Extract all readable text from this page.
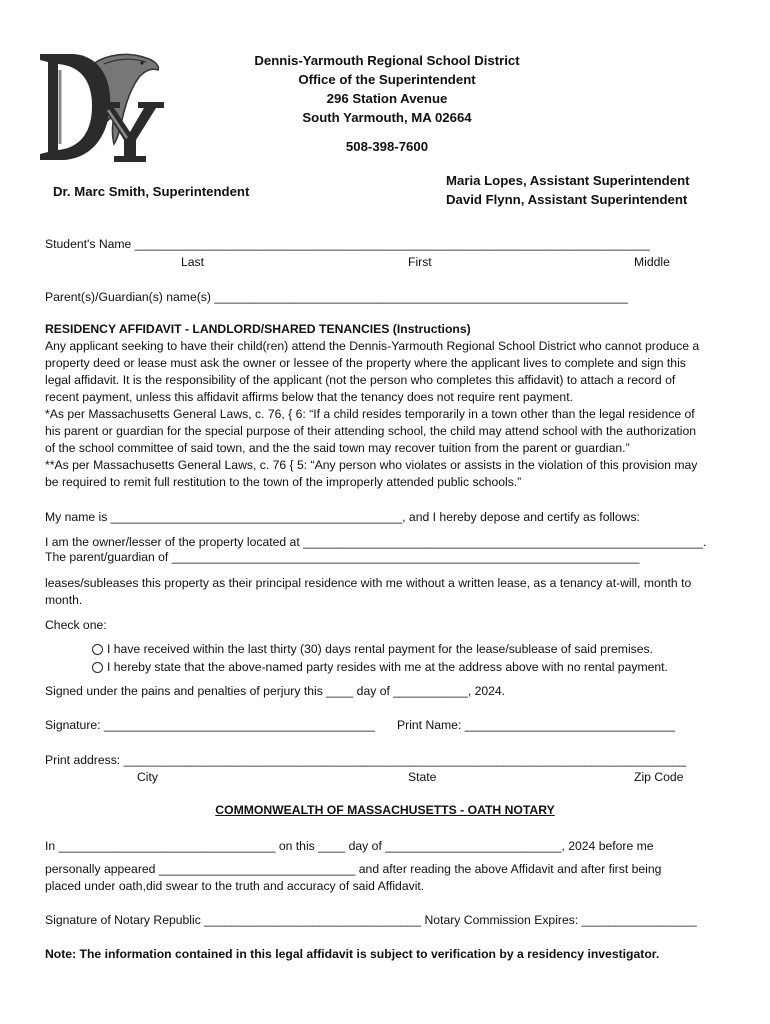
Dennis-Yarmouth Regional School District
Office of the Superintendent
296 Station Avenue
South Yarmouth, MA 02664
508-398-7600
Dr. Marc Smith, Superintendent
Maria Lopes, Assistant Superintendent
David Flynn, Assistant Superintendent
Student's Name ____________________________________________________________________________
Last	First	Middle
Parent(s)/Guardian(s) name(s) _____________________________________________________________
RESIDENCY AFFIDAVIT - LANDLORD/SHARED TENANCIES (Instructions)
Any applicant seeking to have their child(ren) attend the Dennis-Yarmouth Regional School District who cannot produce a
property deed or lease must ask the owner or lessee of the property where the applicant lives to complete and sign this
legal affidavit. It is the responsibility of the applicant (not the person who completes this affidavit) to attach a record of
recent payment, unless this affidavit affirms below that the tenancy does not require rent payment.
*As per Massachusetts General Laws, c. 76, { 6: “If a child resides temporarily in a town other than the legal residence of
his parent or guardian for the special purpose of their attending school, the child may attend school with the authorization
of the school committee of said town, and the the said town may recover tuition from the parent or guardian.”
**As per Massachusetts General Laws, c. 76 { 5: “Any person who violates or assists in the violation of this provision may
be required to remit full restitution to the town of the improperly attended public schools.”
My name is ___________________________________________, and I hereby depose and certify as follows:
I am the owner/lesser of the property located at ___________________________________________________________.
The parent/guardian of _____________________________________________________________________
leases/subleases this property as their principal residence with me without a written lease, as a tenancy at-will, month to
month.
Check one:
I have received within the last thirty (30) days rental payment for the lease/sublease of said premises.
I hereby state that the above-named party resides with me at the address above with no rental payment.
Signed under the pains and penalties of perjury this ____ day of ___________, 2024.
Signature: ________________________________________ Print Name: _______________________________
Print address: ___________________________________________________________________________________
City	State	Zip Code
COMMONWEALTH OF MASSACHUSETTS - OATH NOTARY
In ________________________________ on this ____ day of __________________________, 2024 before me
personally appeared _____________________________ and after reading the above Affidavit and after first being
placed under oath,did swear to the truth and accuracy of said Affidavit.
Signature of Notary Republic ________________________________ Notary Commission Expires: _________________
Note: The information contained in this legal affidavit is subject to verification by a residency investigator.
